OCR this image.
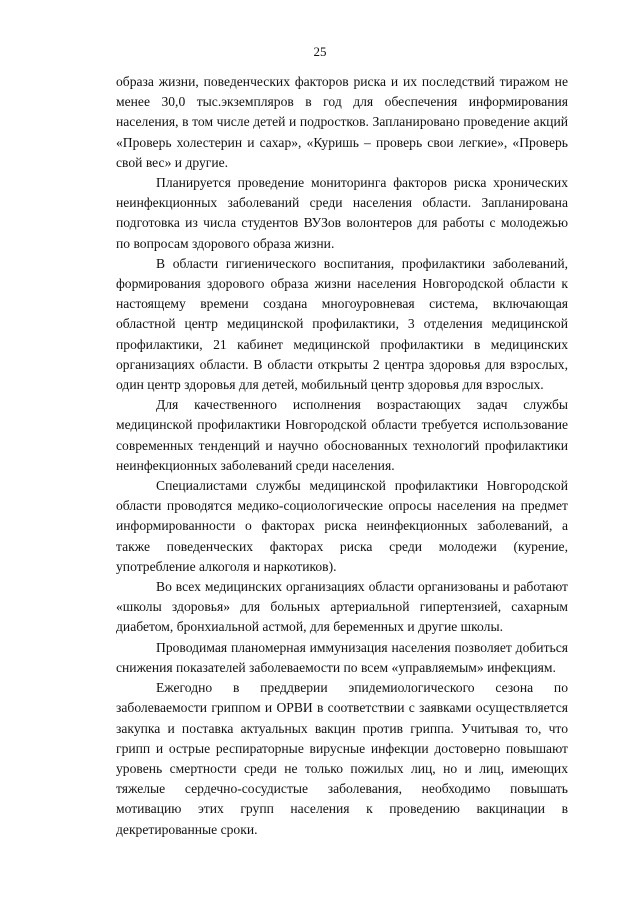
25

образа жизни, поведенческих факторов риска и их последствий тиражом не менее 30,0 тыс.экземпляров в год для обеспечения информирования населения, в том числе детей и подростков. Запланировано проведение акций «Проверь холестерин и сахар», «Куришь – проверь свои легкие», «Проверь свой вес» и другие.

Планируется проведение мониторинга факторов риска хронических неинфекционных заболеваний среди населения области. Запланирована подготовка из числа студентов ВУЗов волонтеров для работы с молодежью по вопросам здорового образа жизни.

В области гигиенического воспитания, профилактики заболеваний, формирования здорового образа жизни населения Новгородской области к настоящему времени создана многоуровневая система, включающая областной центр медицинской профилактики, 3 отделения медицинской профилактики, 21 кабинет медицинской профилактики в медицинских организациях области. В области открыты 2 центра здоровья для взрослых, один центр здоровья для детей, мобильный центр здоровья для взрослых.

Для качественного исполнения возрастающих задач службы медицинской профилактики Новгородской области требуется использование современных тенденций и научно обоснованных технологий профилактики неинфекционных заболеваний среди населения.

Специалистами службы медицинской профилактики Новгородской области проводятся медико-социологические опросы населения на предмет информированности о факторах риска неинфекционных заболеваний, а также поведенческих факторах риска среди молодежи (курение, употребление алкоголя и наркотиков).

Во всех медицинских организациях области организованы и работают «школы здоровья» для больных артериальной гипертензией, сахарным диабетом, бронхиальной астмой, для беременных и другие школы.

Проводимая планомерная иммунизация населения позволяет добиться снижения показателей заболеваемости по всем «управляемым» инфекциям.

Ежегодно в преддверии эпидемиологического сезона по заболеваемости гриппом и ОРВИ в соответствии с заявками осуществляется закупка и поставка актуальных вакцин против гриппа. Учитывая то, что грипп и острые респираторные вирусные инфекции достоверно повышают уровень смертности среди не только пожилых лиц, но и лиц, имеющих тяжелые сердечно-сосудистые заболевания, необходимо повышать мотивацию этих групп населения к проведению вакцинации в декретированные сроки.
